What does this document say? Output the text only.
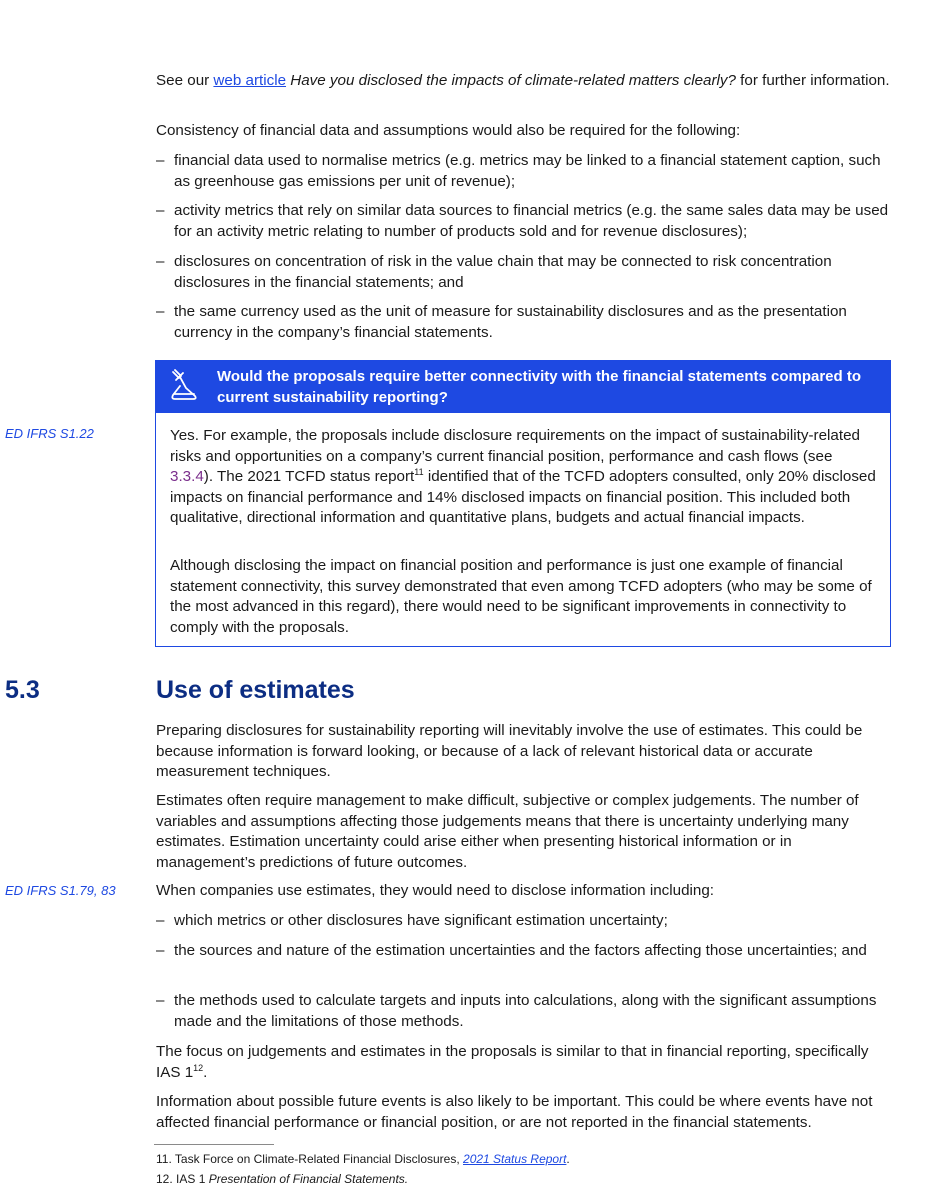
See our web article Have you disclosed the impacts of climate-related matters clearly? for further information.

Consistency of financial data and assumptions would also be required for the following:

– financial data used to normalise metrics (e.g. metrics may be linked to a financial statement caption, such as greenhouse gas emissions per unit of revenue);
– activity metrics that rely on similar data sources to financial metrics (e.g. the same sales data may be used for an activity metric relating to number of products sold and for revenue disclosures);
– disclosures on concentration of risk in the value chain that may be connected to risk concentration disclosures in the financial statements; and
– the same currency used as the unit of measure for sustainability disclosures and as the presentation currency in the company’s financial statements.
Would the proposals require better connectivity with the financial statements compared to current sustainability reporting?
ED IFRS S1.22	Yes. For example, the proposals include disclosure requirements on the impact of sustainability-related risks and opportunities on a company’s current financial position, performance and cash flows (see 3.3.4). The 2021 TCFD status report$^{11}$ identified that of the TCFD adopters consulted, only 20% disclosed impacts on financial performance and 14% disclosed impacts on financial position. This included both qualitative, directional information and quantitative plans, budgets and actual financial impacts.
Although disclosing the impact on financial position and performance is just one example of financial statement connectivity, this survey demonstrated that even among TCFD adopters (who may be some of the most advanced in this regard), there would need to be significant improvements in connectivity to comply with the proposals.
5.3	Use of estimates

Preparing disclosures for sustainability reporting will inevitably involve the use of estimates. This could be because information is forward looking, or because of a lack of relevant historical data or accurate measurement techniques.

Estimates often require management to make difficult, subjective or complex judgements. The number of variables and assumptions affecting those judgements means that there is uncertainty underlying many estimates. Estimation uncertainty could arise either when presenting historical information or in management’s predictions of future outcomes.

ED IFRS S1.79, 83	When companies use estimates, they would need to disclose information including:

– which metrics or other disclosures have significant estimation uncertainty;
– the sources and nature of the estimation uncertainties and the factors affecting those uncertainties; and
– the methods used to calculate targets and inputs into calculations, along with the significant assumptions made and the limitations of those methods.

The focus on judgements and estimates in the proposals is similar to that in financial reporting, specifically IAS $1^{12}$.

Information about possible future events is also likely to be important. This could be where events have not affected financial performance or financial position, or are not reported in the financial statements.

11. Task Force on Climate-Related Financial Disclosures, 2021 Status Report.
12. IAS 1 Presentation of Financial Statements.
